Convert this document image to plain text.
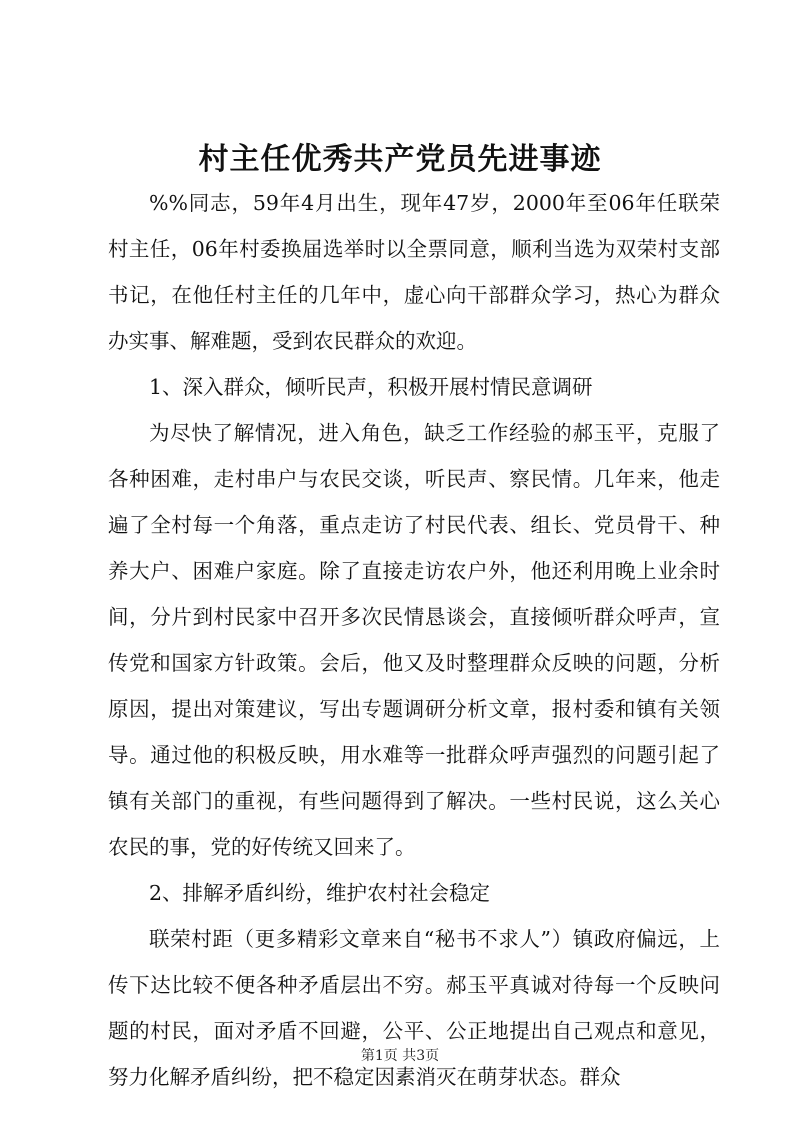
村主任优秀共产党员先进事迹

%%同志，59年4月出生，现年47岁，2000年至06年任联荣村主任，06年村委换届选举时以全票同意，顺利当选为双荣村支部书记，在他任村主任的几年中，虚心向干部群众学习，热心为群众办实事、解难题，受到农民群众的欢迎。

1、深入群众，倾听民声，积极开展村情民意调研

为尽快了解情况，进入角色，缺乏工作经验的郝玉平，克服了各种困难，走村串户与农民交谈，听民声、察民情。几年来，他走遍了全村每一个角落，重点走访了村民代表、组长、党员骨干、种养大户、困难户家庭。除了直接走访农户外，他还利用晚上业余时间，分片到村民家中召开多次民情恳谈会，直接倾听群众呼声，宣传党和国家方针政策。会后，他又及时整理群众反映的问题，分析原因，提出对策建议，写出专题调研分析文章，报村委和镇有关领导。通过他的积极反映，用水难等一批群众呼声强烈的问题引起了镇有关部门的重视，有些问题得到了解决。一些村民说，这么关心农民的事，党的好传统又回来了。

2、排解矛盾纠纷，维护农村社会稳定

联荣村距（更多精彩文章来自“秘书不求人”）镇政府偏远，上传下达比较不便各种矛盾层出不穷。郝玉平真诚对待每一个反映问题的村民，面对矛盾不回避，公平、公正地提出自己观点和意见，努力化解矛盾纠纷，把不稳定因素消灭在萌芽状态。群众

第1页 共3页
